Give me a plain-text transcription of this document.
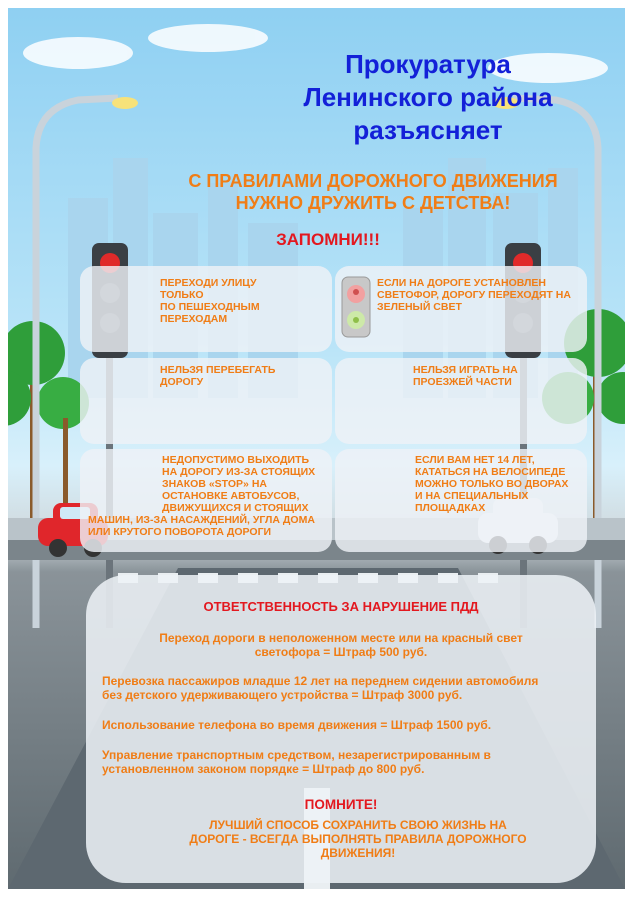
Прокуратура
Ленинского района
разъясняет
С ПРАВИЛАМИ ДОРОЖНОГО ДВИЖЕНИЯ
НУЖНО ДРУЖИТЬ С ДЕТСТВА!
ЗАПОМНИ!!!
ПЕРЕХОДИ УЛИЦУ
ТОЛЬКО
ПО ПЕШЕХОДНЫМ
ПЕРЕХОДАМ
ЕСЛИ НА ДОРОГЕ УСТАНОВЛЕН
СВЕТОФОР, ДОРОГУ ПЕРЕХОДЯТ НА
ЗЕЛЕНЫЙ СВЕТ
НЕЛЬЗЯ ПЕРЕБЕГАТЬ
ДОРОГУ
НЕЛЬЗЯ ИГРАТЬ НА
ПРОЕЗЖЕЙ ЧАСТИ
НЕДОПУСТИМО ВЫХОДИТЬ
НА ДОРОГУ ИЗ-ЗА СТОЯЩИХ
ЗНАКОВ «STOP» НА
ОСТАНОВКЕ АВТОБУСОВ,
ДВИЖУЩИХСЯ И СТОЯЩИХ
МАШИН, ИЗ-ЗА НАСАЖДЕНИЙ, УГЛА ДОМА
ИЛИ КРУТОГО ПОВОРОТА ДОРОГИ
ЕСЛИ ВАМ НЕТ 14 ЛЕТ,
КАТАТЬСЯ НА ВЕЛОСИПЕДЕ
МОЖНО ТОЛЬКО ВО ДВОРАХ
И НА СПЕЦИАЛЬНЫХ
ПЛОЩАДКАХ
ОТВЕТСТВЕННОСТЬ ЗА НАРУШЕНИЕ ПДД
Переход дороги в неположенном месте или на красный свет
светофора = Штраф 500 руб.
Перевозка пассажиров младше 12 лет на переднем сидении автомобиля
без детского удерживающего устройства = Штраф 3000 руб.
Использование телефона во время движения = Штраф 1500 руб.
Управление транспортным средством, незарегистрированным в
установленном законом порядке = Штраф до 800 руб.
ПОМНИТЕ!
ЛУЧШИЙ СПОСОБ СОХРАНИТЬ СВОЮ ЖИЗНЬ НА
ДОРОГЕ - ВСЕГДА ВЫПОЛНЯТЬ ПРАВИЛА ДОРОЖНОГО
ДВИЖЕНИЯ!
